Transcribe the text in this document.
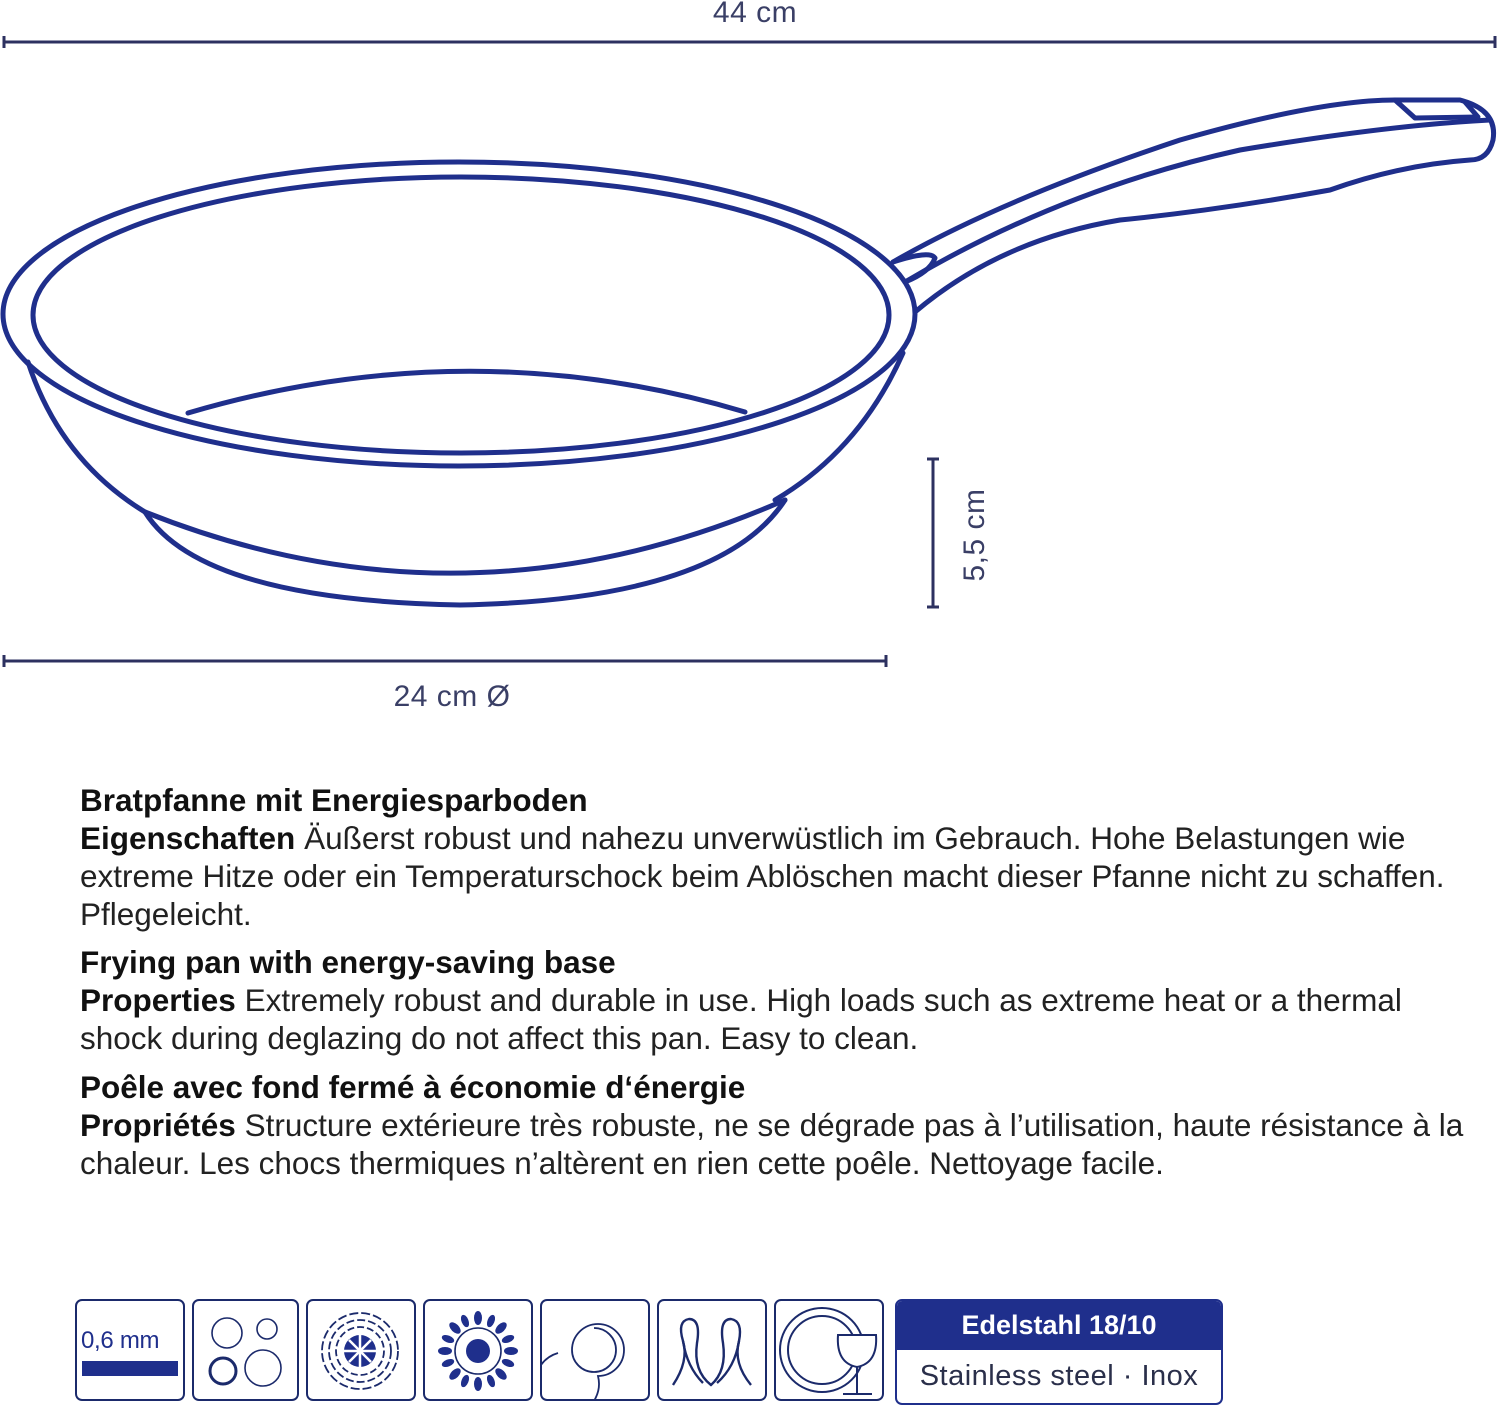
44 cm
5,5 cm
24 cm Ø
Bratpfanne mit Energiesparboden
Eigenschaften Äußerst robust und nahezu unverwüstlich im Gebrauch. Hohe Belastungen wie extreme Hitze oder ein Temperaturschock beim Ablöschen macht dieser Pfanne nicht zu schaffen. Pflegeleicht.
Frying pan with energy-saving base
Properties Extremely robust and durable in use. High loads such as extreme heat or a thermal shock during deglazing do not affect this pan. Easy to clean.
Poêle avec fond fermé à économie d‘énergie
Propriétés Structure extérieure très robuste, ne se dégrade pas à l’utilisation, haute résistance à la chaleur. Les chocs thermiques n’altèrent en rien cette poêle. Nettoyage facile.
0,6 mm
Edelstahl 18/10
Stainless steel · Inox
